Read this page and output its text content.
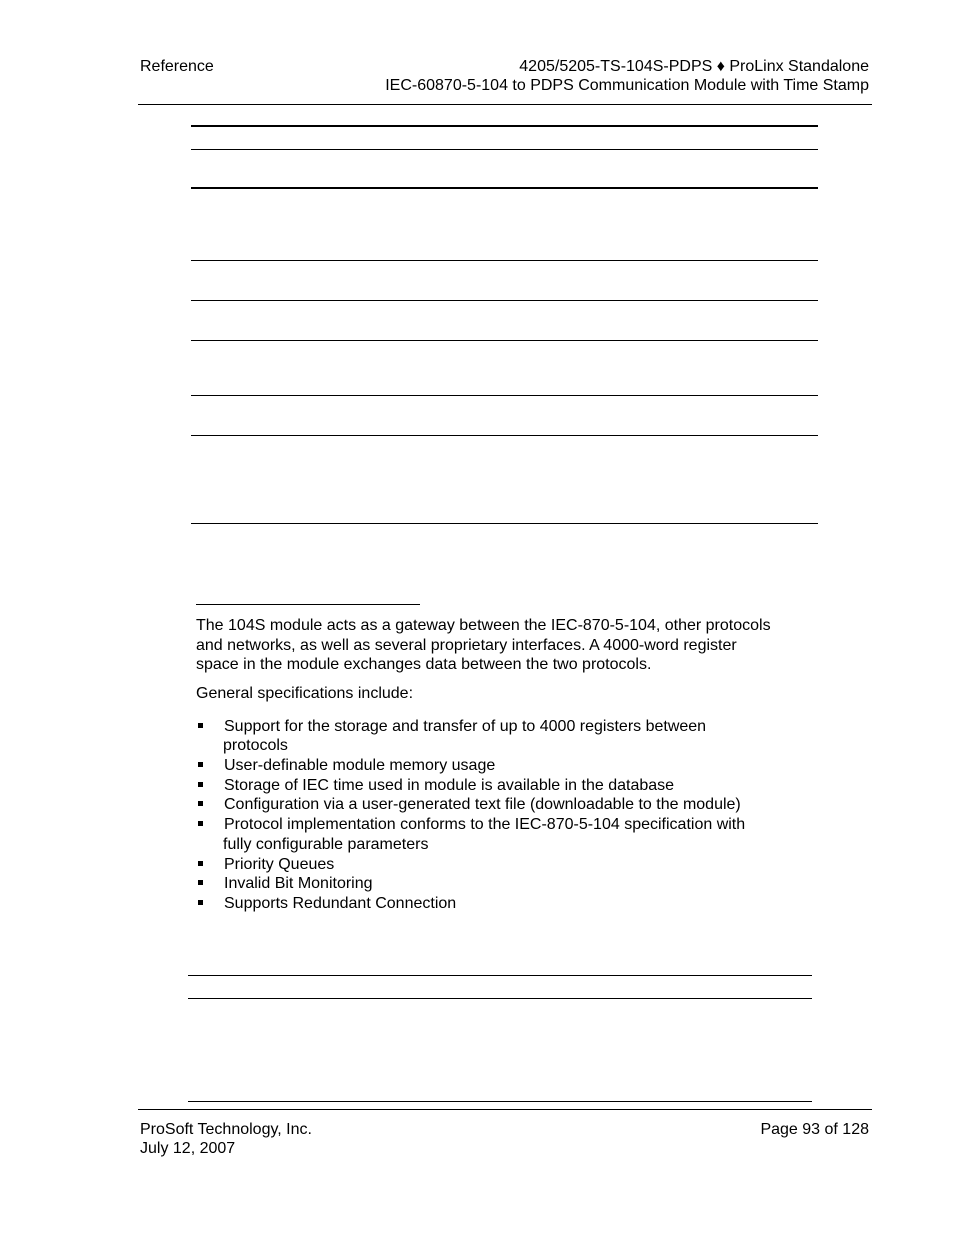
Reference	4205/5205-TS-104S-PDPS ♦ ProLinx Standalone
IEC-60870-5-104 to PDPS Communication Module with Time Stamp
The 104S module acts as a gateway between the IEC-870-5-104, other protocols
and networks, as well as several proprietary interfaces. A 4000-word register
space in the module exchanges data between the two protocols.
General specifications include:
Support for the storage and transfer of up to 4000 registers between
protocols
User-definable module memory usage
Storage of IEC time used in module is available in the database
Configuration via a user-generated text file (downloadable to the module)
Protocol implementation conforms to the IEC-870-5-104 specification with
fully configurable parameters
Priority Queues
Invalid Bit Monitoring
Supports Redundant Connection
ProSoft Technology, Inc.
July 12, 2007
Page 93 of 128
